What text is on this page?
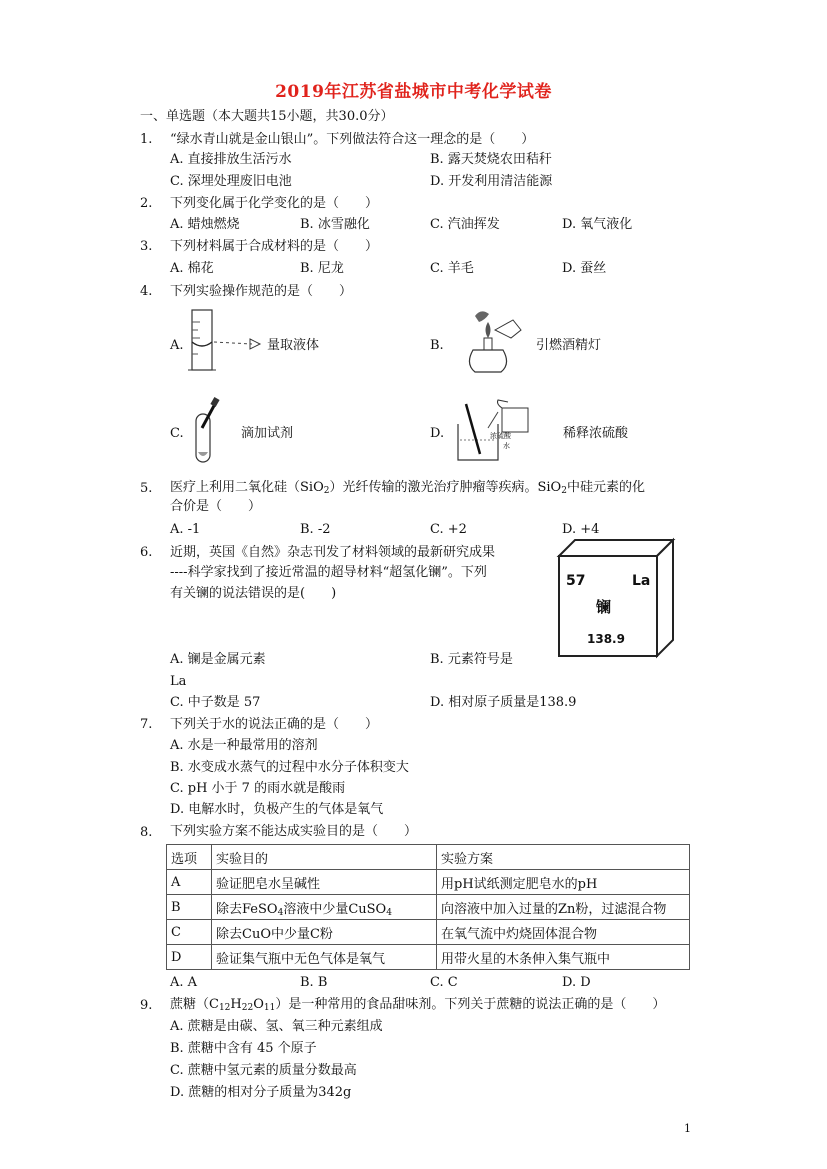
2019年江苏省盐城市中考化学试卷
一、单选题（本大题共15小题，共30.0分）
1. “绿水青山就是金山银山”。下列做法符合这一理念的是（　　）
A. 直接排放生活污水	B. 露天焚烧农田秸秆
C. 深埋处理废旧电池	D. 开发利用清洁能源
2. 下列变化属于化学变化的是（　　）
A. 蜡烛燃烧	B. 冰雪融化	C. 汽油挥发	D. 氧气液化
3. 下列材料属于合成材料的是（　　）
A. 棉花	B. 尼龙	C. 羊毛	D. 蚕丝
4. 下列实验操作规范的是（　　）
A.	量取液体	B.	引燃酒精灯
C.	滴加试剂	D.	浓硫酸
水
稀释浓硫酸
5. 医疗上利用二氧化硅（SiO$_2$）光纤传输的激光治疗肿瘤等疾病。SiO$_2$中硅元素的化
合价是（　　）
A. -1	B. -2	C. +2	D. +4
6. 近期，英国《自然》杂志刊发了材料领域的最新研究成果
----科学家找到了接近常温的超导材料“超氢化镧”。下列
有关镧的说法错误的是(　　)
57	La
镧
138.9
A. 镧是金属元素	B. 元素符号是
La
C. 中子数是 57	D. 相对原子质量是138.9
7. 下列关于水的说法正确的是（　　）
A. 水是一种最常用的溶剂
B. 水变成水蒸气的过程中水分子体积变大
C. pH 小于 7 的雨水就是酸雨
D. 电解水时，负极产生的气体是氧气
8. 下列实验方案不能达成实验目的是（　　）
选项	实验目的	实验方案
A	验证肥皂水呈碱性	用pH试纸测定肥皂水的pH
B	除去FeSO$_4$溶液中少量CuSO$_4$	向溶液中加入过量的Zn粉，过滤混合物
C	除去CuO中少量C粉	在氧气流中灼烧固体混合物
D	验证集气瓶中无色气体是氧气	用带火星的木条伸入集气瓶中
A. A	B. B	C. C	D. D
9. 蔗糖$(C_{12}H_{22}O_{11})$是一种常用的食品甜味剂。下列关于蔗糖的说法正确的是（　　）
A. 蔗糖是由碳、氢、氧三种元素组成
B. 蔗糖中含有 45 个原子
C. 蔗糖中氢元素的质量分数最高
D. 蔗糖的相对分子质量为342g
1
